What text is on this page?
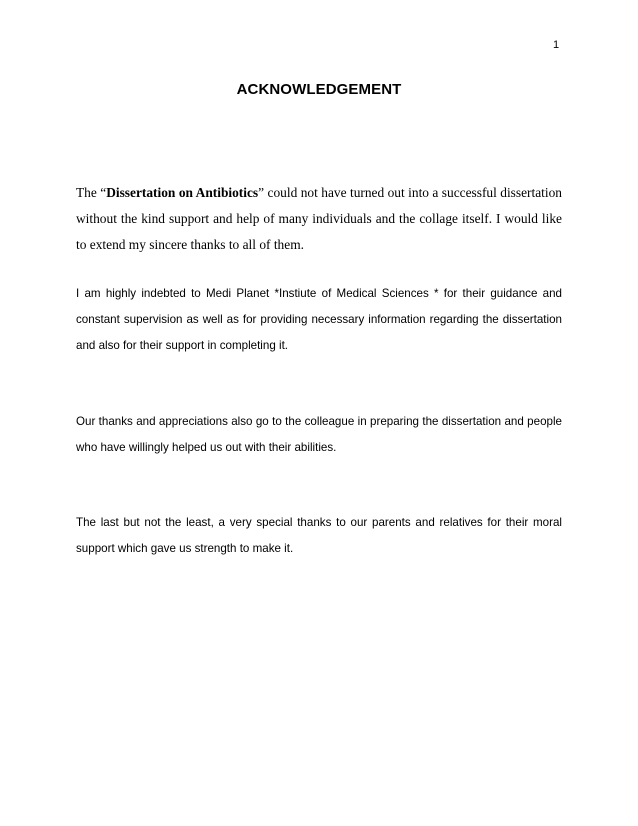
1
ACKNOWLEDGEMENT

The “Dissertation on Antibiotics” could not have turned out into a successful dissertation without the kind support and help of many individuals and the collage itself. I would like to extend my sincere thanks to all of them.

I am highly indebted to Medi Planet *Instiute of Medical Sciences * for their guidance and constant supervision as well as for providing necessary information regarding the dissertation and also for their support in completing it.

Our thanks and appreciations also go to the colleague in preparing the dissertation and people who have willingly helped us out with their abilities.

The last but not the least, a very special thanks to our parents and relatives for their moral support which gave us strength to make it.
